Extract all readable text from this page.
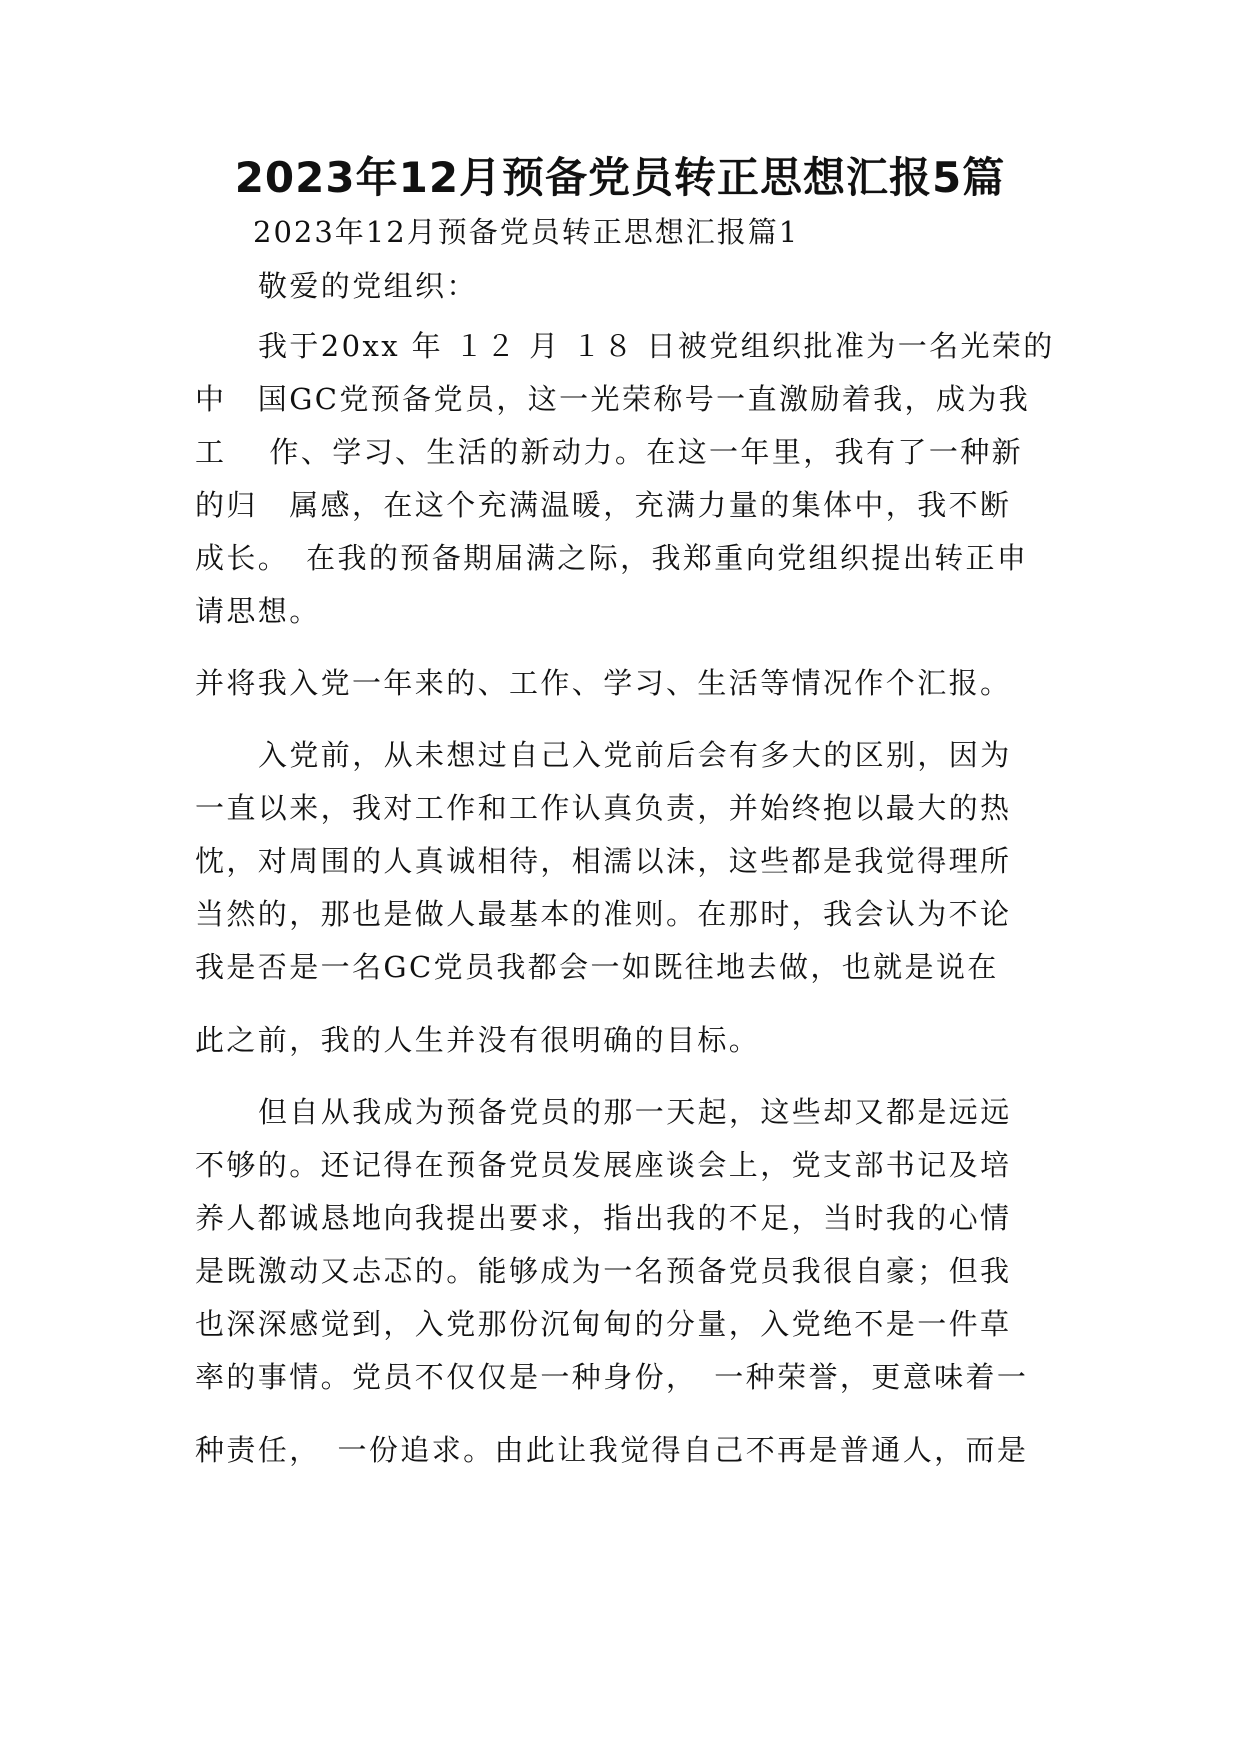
2023年12月预备党员转正思想汇报5篇

2023年12月预备党员转正思想汇报篇1

敬爱的党组织：

我于20xx 年 １２ 月 １８ 日被党组织批准为一名光荣的

中　国GC党预备党员，这一光荣称号一直激励着我，成为我

工　 作、学习、生活的新动力。在这一年里，我有了一种新

的归　属感，在这个充满温暖，充满力量的集体中，我不断

成长。　在我的预备期届满之际，我郑重向党组织提出转正申

请思想。

并将我入党一年来的、工作、学习、生活等情况作个汇报。

入党前，从未想过自己入党前后会有多大的区别，因为

一直以来，我对工作和工作认真负责，并始终抱以最大的热

忱，对周围的人真诚相待，相濡以沫，这些都是我觉得理所

当然的，那也是做人最基本的准则。在那时，我会认为不论

我是否是一名GC党员我都会一如既往地去做，也就是说在

此之前，我的人生并没有很明确的目标。

但自从我成为预备党员的那一天起，这些却又都是远远

不够的。还记得在预备党员发展座谈会上，党支部书记及培

养人都诚恳地向我提出要求，指出我的不足，当时我的心情

是既激动又忐忑的。能够成为一名预备党员我很自豪；但我

也深深感觉到，入党那份沉甸甸的分量，入党绝不是一件草

率的事情。党员不仅仅是一种身份，　一种荣誉，更意味着一

种责任，　一份追求。由此让我觉得自己不再是普通人，而是
